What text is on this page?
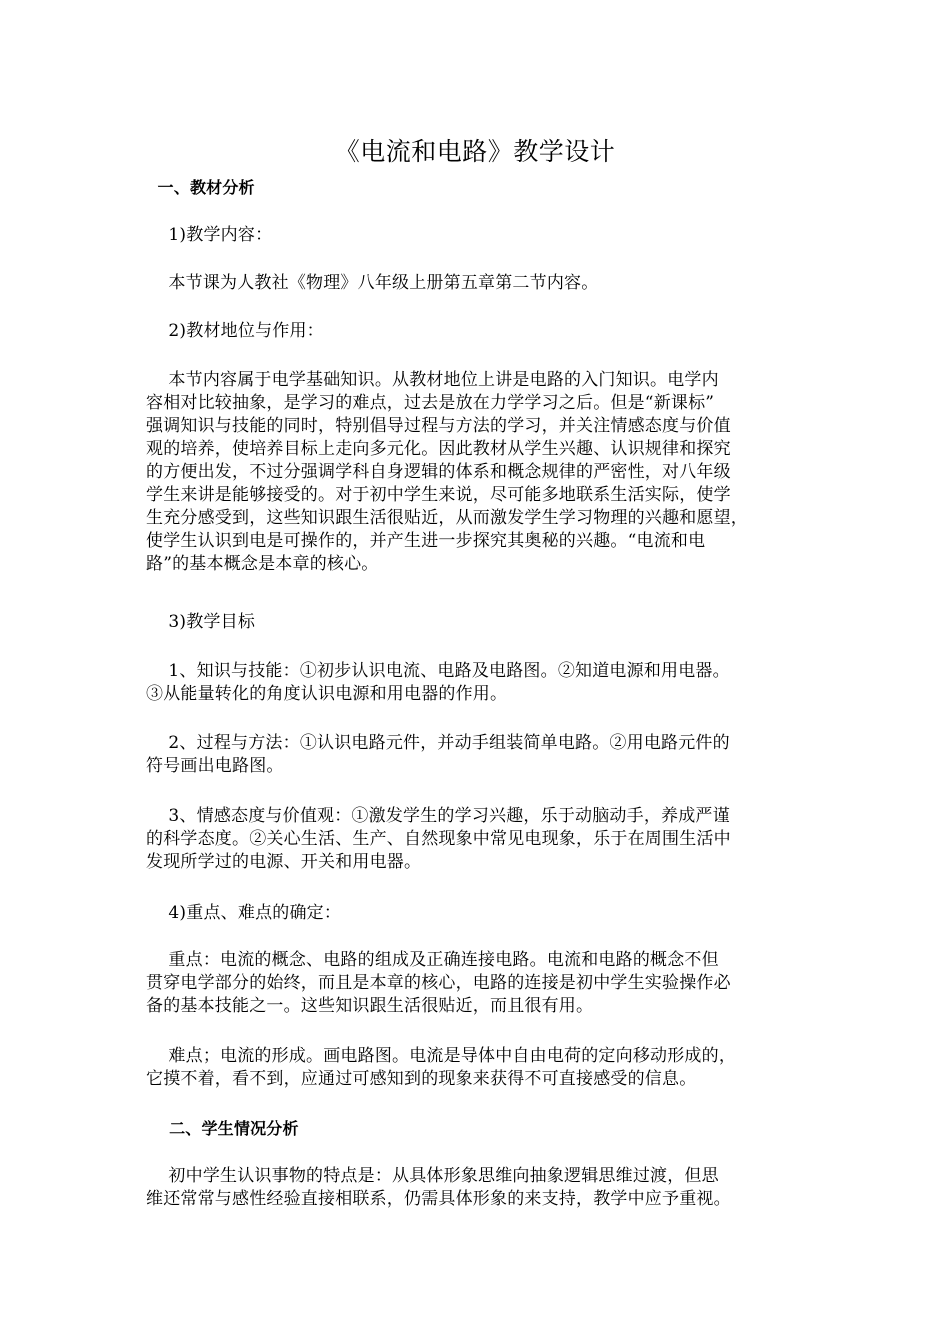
《电流和电路》教学设计
一、教材分析
1)教学内容：
本节课为人教社《物理》八年级上册第五章第二节内容。
2)教材地位与作用：
本节内容属于电学基础知识。从教材地位上讲是电路的入门知识。电学内
容相对比较抽象，是学习的难点，过去是放在力学学习之后。但是“新课标”
强调知识与技能的同时，特别倡导过程与方法的学习，并关注情感态度与价值
观的培养，使培养目标上走向多元化。因此教材从学生兴趣、认识规律和探究
的方便出发，不过分强调学科自身逻辑的体系和概念规律的严密性，对八年级
学生来讲是能够接受的。对于初中学生来说，尽可能多地联系生活实际，使学
生充分感受到，这些知识跟生活很贴近，从而激发学生学习物理的兴趣和愿望，
使学生认识到电是可操作的，并产生进一步探究其奥秘的兴趣。“电流和电
路”的基本概念是本章的核心。
3)教学目标
1、知识与技能：①初步认识电流、电路及电路图。②知道电源和用电器。
③从能量转化的角度认识电源和用电器的作用。
2、过程与方法：①认识电路元件，并动手组装简单电路。②用电路元件的
符号画出电路图。
3、情感态度与价值观：①激发学生的学习兴趣，乐于动脑动手，养成严谨
的科学态度。②关心生活、生产、自然现象中常见电现象，乐于在周围生活中
发现所学过的电源、开关和用电器。
4)重点、难点的确定：
重点：电流的概念、电路的组成及正确连接电路。电流和电路的概念不但
贯穿电学部分的始终，而且是本章的核心，电路的连接是初中学生实验操作必
备的基本技能之一。这些知识跟生活很贴近，而且很有用。
难点；电流的形成。画电路图。电流是导体中自由电荷的定向移动形成的，
它摸不着，看不到，应通过可感知到的现象来获得不可直接感受的信息。
二、学生情况分析
初中学生认识事物的特点是：从具体形象思维向抽象逻辑思维过渡，但思
维还常常与感性经验直接相联系，仍需具体形象的来支持，教学中应予重视。
